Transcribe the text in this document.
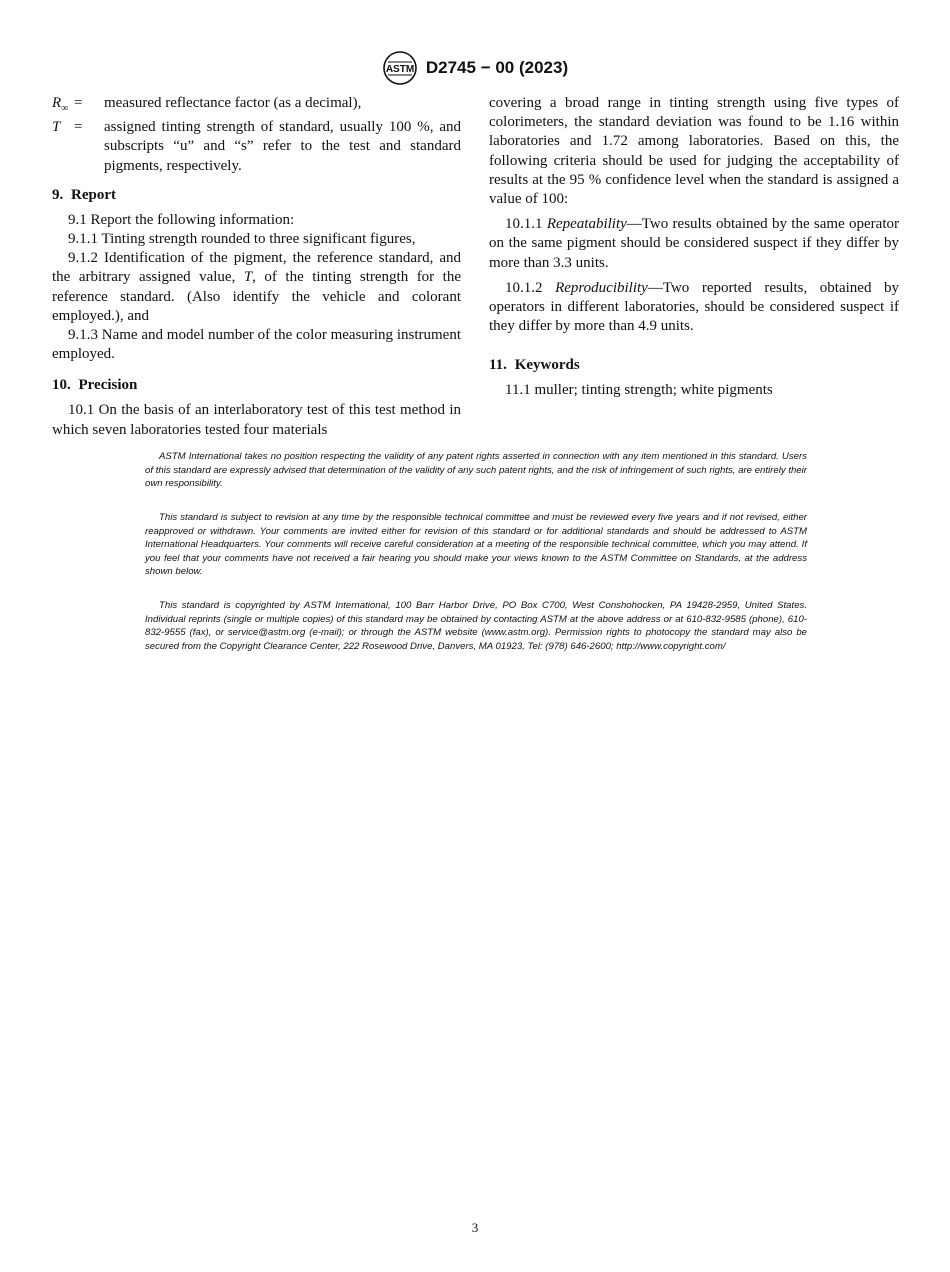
ASTM D2745 − 00 (2023)
$R_\infty$ =	measured reflectance factor (as a decimal),
T =	assigned tinting strength of standard, usually 100 %, and subscripts “u” and “s” refer to the test and standard pigments, respectively.
9. Report

9.1 Report the following information:

9.1.1 Tinting strength rounded to three significant figures,

9.1.2 Identification of the pigment, the reference standard, and the arbitrary assigned value, T, of the tinting strength for the reference standard. (Also identify the vehicle and colorant employed.), and

9.1.3 Name and model number of the color measuring instrument employed.

10. Precision

10.1 On the basis of an interlaboratory test of this test method in which seven laboratories tested four materials

covering a broad range in tinting strength using five types of colorimeters, the standard deviation was found to be 1.16 within laboratories and 1.72 among laboratories. Based on this, the following criteria should be used for judging the acceptability of results at the 95 % confidence level when the standard is assigned a value of 100:

10.1.1 Repeatability—Two results obtained by the same operator on the same pigment should be considered suspect if they differ by more than 3.3 units.

10.1.2 Reproducibility—Two reported results, obtained by operators in different laboratories, should be considered suspect if they differ by more than 4.9 units.

11. Keywords

11.1 muller; tinting strength; white pigments

ASTM International takes no position respecting the validity of any patent rights asserted in connection with any item mentioned in this standard. Users of this standard are expressly advised that determination of the validity of any such patent rights, and the risk of infringement of such rights, are entirely their own responsibility.

This standard is subject to revision at any time by the responsible technical committee and must be reviewed every five years and if not revised, either reapproved or withdrawn. Your comments are invited either for revision of this standard or for additional standards and should be addressed to ASTM International Headquarters. Your comments will receive careful consideration at a meeting of the responsible technical committee, which you may attend. If you feel that your comments have not received a fair hearing you should make your views known to the ASTM Committee on Standards, at the address shown below.

This standard is copyrighted by ASTM International, 100 Barr Harbor Drive, PO Box C700, West Conshohocken, PA 19428-2959, United States. Individual reprints (single or multiple copies) of this standard may be obtained by contacting ASTM at the above address or at 610-832-9585 (phone), 610-832-9555 (fax), or service@astm.org (e-mail); or through the ASTM website (www.astm.org). Permission rights to photocopy the standard may also be secured from the Copyright Clearance Center, 222 Rosewood Drive, Danvers, MA 01923, Tel: (978) 646-2600; http://www.copyright.com/

3
